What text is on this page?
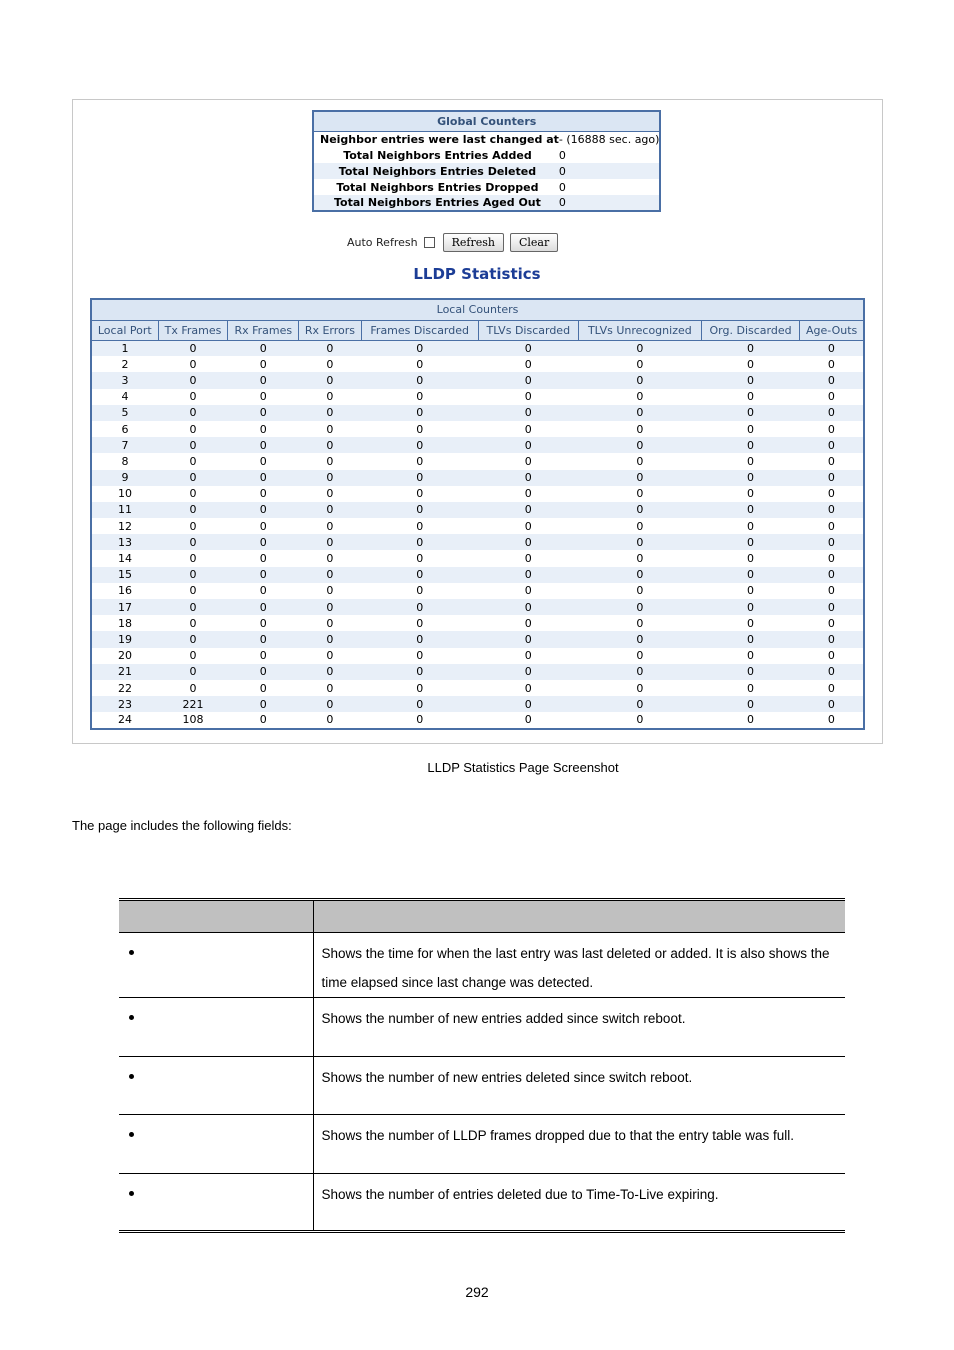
Global Counters	
Neighbor entries were last changed at	- (16888 sec. ago)
Total Neighbors Entries Added	0
Total Neighbors Entries Deleted	0
Total Neighbors Entries Dropped	0
Total Neighbors Entries Aged Out	0
Auto Refresh	Refresh	Clear
LLDP Statistics
Local Counters								
Local Port	Tx Frames	Rx Frames	Rx Errors	Frames Discarded	TLVs Discarded	TLVs Unrecognized	Org. Discarded	Age-Outs
1	0	0	0	0	0	0	0	0
2	0	0	0	0	0	0	0	0
3	0	0	0	0	0	0	0	0
4	0	0	0	0	0	0	0	0
5	0	0	0	0	0	0	0	0
6	0	0	0	0	0	0	0	0
7	0	0	0	0	0	0	0	0
8	0	0	0	0	0	0	0	0
9	0	0	0	0	0	0	0	0
10	0	0	0	0	0	0	0	0
11	0	0	0	0	0	0	0	0
12	0	0	0	0	0	0	0	0
13	0	0	0	0	0	0	0	0
14	0	0	0	0	0	0	0	0
15	0	0	0	0	0	0	0	0
16	0	0	0	0	0	0	0	0
17	0	0	0	0	0	0	0	0
18	0	0	0	0	0	0	0	0
19	0	0	0	0	0	0	0	0
20	0	0	0	0	0	0	0	0
21	0	0	0	0	0	0	0	0
22	0	0	0	0	0	0	0	0
23	221	0	0	0	0	0	0	0
24	108	0	0	0	0	0	0	0
LLDP Statistics Page Screenshot
The page includes the following fields:

	Shows the time for when the last entry was last deleted or added. It is also shows the time elapsed since last change was detected.
	Shows the number of new entries added since switch reboot.
	Shows the number of new entries deleted since switch reboot.
	Shows the number of LLDP frames dropped due to that the entry table was full.
	Shows the number of entries deleted due to Time-To-Live expiring.
292
